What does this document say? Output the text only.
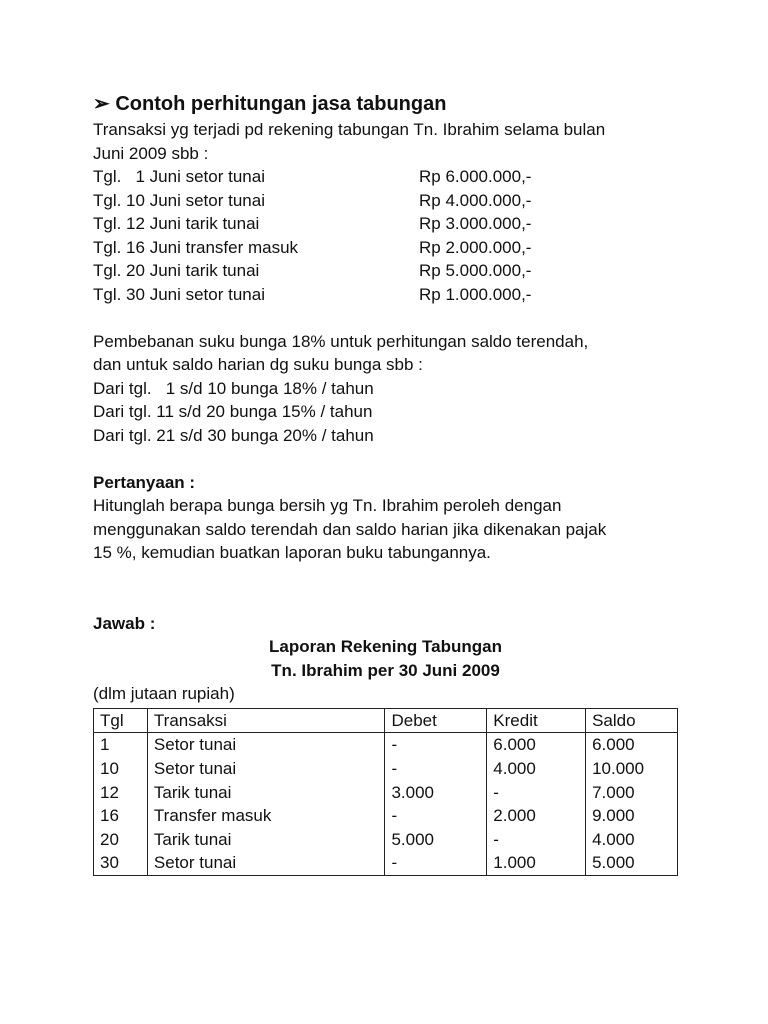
➢ Contoh perhitungan jasa tabungan
Transaksi yg terjadi pd rekening tabungan Tn. Ibrahim selama bulan
Juni 2009 sbb :
Tgl.   1 Juni setor tunai	Rp 6.000.000,-
Tgl. 10 Juni setor tunai	Rp 4.000.000,-
Tgl. 12 Juni tarik tunai	Rp 3.000.000,-
Tgl. 16 Juni transfer masuk	Rp 2.000.000,-
Tgl. 20 Juni tarik tunai	Rp 5.000.000,-
Tgl. 30 Juni setor tunai	Rp 1.000.000,-
Pembebanan suku bunga 18% untuk perhitungan saldo terendah,
dan untuk saldo harian dg suku bunga sbb :
Dari tgl.   1 s/d 10 bunga 18% / tahun
Dari tgl. 11 s/d 20 bunga 15% / tahun
Dari tgl. 21 s/d 30 bunga 20% / tahun
Pertanyaan :
Hitunglah berapa bunga bersih yg Tn. Ibrahim peroleh dengan
menggunakan saldo terendah dan saldo harian jika dikenakan pajak
15 %, kemudian buatkan laporan buku tabungannya.
Jawab :
Laporan Rekening Tabungan
Tn. Ibrahim per 30 Juni 2009
(dlm jutaan rupiah)
Tgl	Transaksi	Debet	Kredit	Saldo
1	Setor tunai	-	6.000	6.000
10	Setor tunai	-	4.000	10.000
12	Tarik tunai	3.000	-	7.000
16	Transfer masuk	-	2.000	9.000
20	Tarik tunai	5.000	-	4.000
30	Setor tunai	-	1.000	5.000
